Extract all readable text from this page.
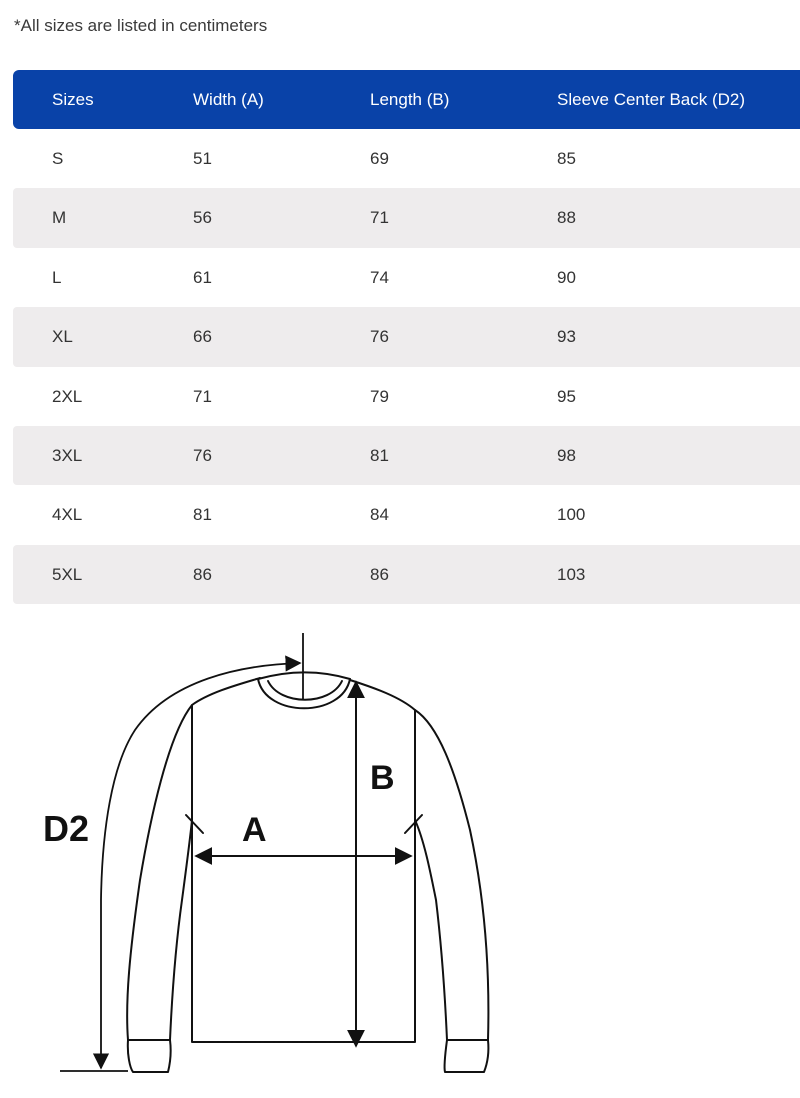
*All sizes are listed in centimeters
Sizes	Width (A)	Length (B)	Sleeve Center Back (D2)
S	51	69	85
M	56	71	88
L	61	74	90
XL	66	76	93
2XL	71	79	95
3XL	76	81	98
4XL	81	84	100
5XL	86	86	103
A
B
D2
